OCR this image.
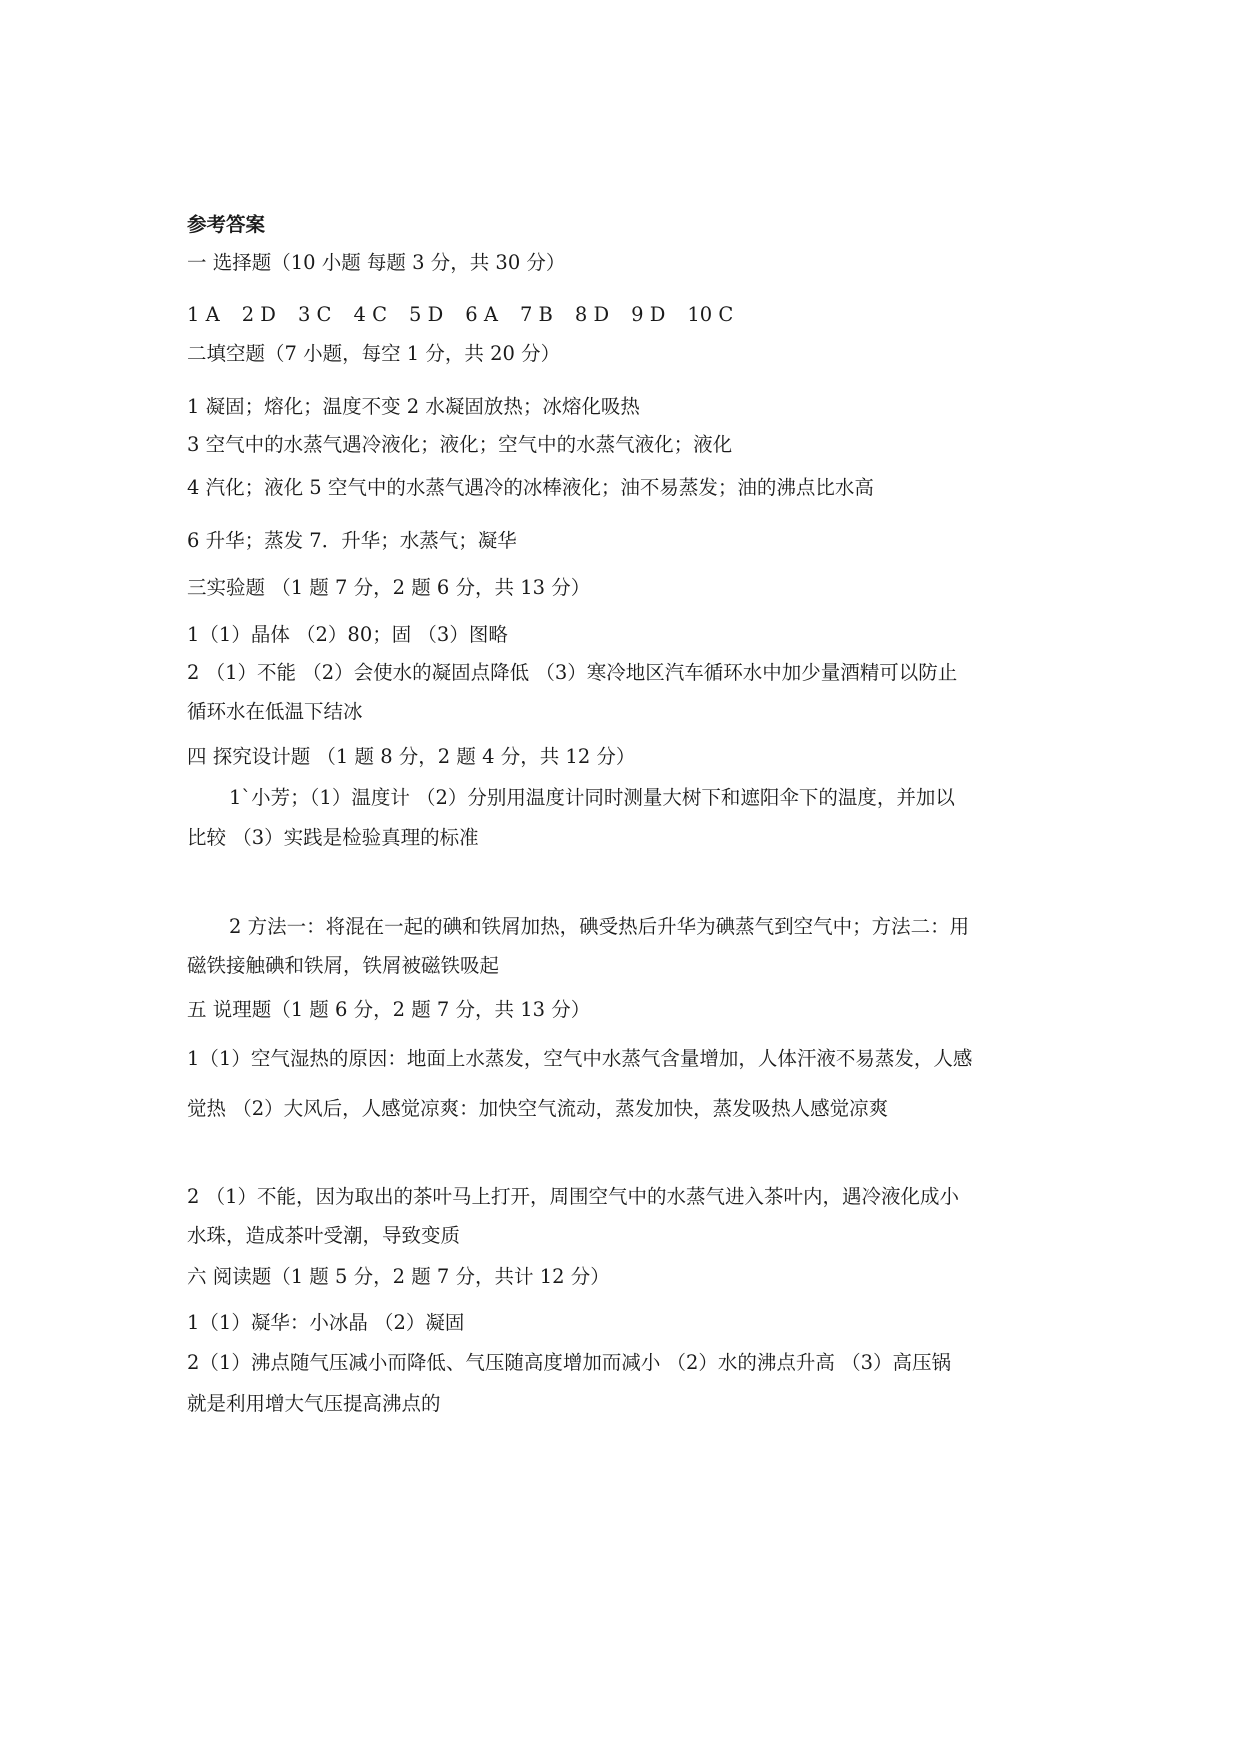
参考答案
一 选择题（10 小题 每题 3 分，共 30 分）
1 A 2 D 3 C 4 C 5 D 6 A 7 B 8 D 9 D 10 C
二填空题（7 小题，每空 1 分，共 20 分）
1 凝固；熔化；温度不变 2 水凝固放热；冰熔化吸热
3 空气中的水蒸气遇冷液化；液化；空气中的水蒸气液化；液化
4 汽化；液化 5 空气中的水蒸气遇冷的冰棒液化；油不易蒸发；油的沸点比水高
6 升华；蒸发 7．升华；水蒸气；凝华
三实验题 （1 题 7 分，2 题 6 分，共 13 分）
1（1）晶体 （2）80；固 （3）图略
2 （1）不能 （2）会使水的凝固点降低 （3）寒冷地区汽车循环水中加少量酒精可以防止
循环水在低温下结冰
四 探究设计题 （1 题 8 分，2 题 4 分，共 12 分）
1`小芳；（1）温度计 （2）分别用温度计同时测量大树下和遮阳伞下的温度，并加以
比较 （3）实践是检验真理的标准
2 方法一：将混在一起的碘和铁屑加热，碘受热后升华为碘蒸气到空气中；方法二：用
磁铁接触碘和铁屑，铁屑被磁铁吸起
五 说理题（1 题 6 分，2 题 7 分，共 13 分）
1（1）空气湿热的原因：地面上水蒸发，空气中水蒸气含量增加，人体汗液不易蒸发，人感
觉热 （2）大风后，人感觉凉爽：加快空气流动，蒸发加快，蒸发吸热人感觉凉爽
2 （1）不能，因为取出的茶叶马上打开，周围空气中的水蒸气进入茶叶内，遇冷液化成小
水珠，造成茶叶受潮，导致变质
六 阅读题（1 题 5 分，2 题 7 分，共计 12 分）
1（1）凝华：小冰晶 （2）凝固
2（1）沸点随气压减小而降低、气压随高度增加而减小 （2）水的沸点升高 （3）高压锅
就是利用增大气压提高沸点的
